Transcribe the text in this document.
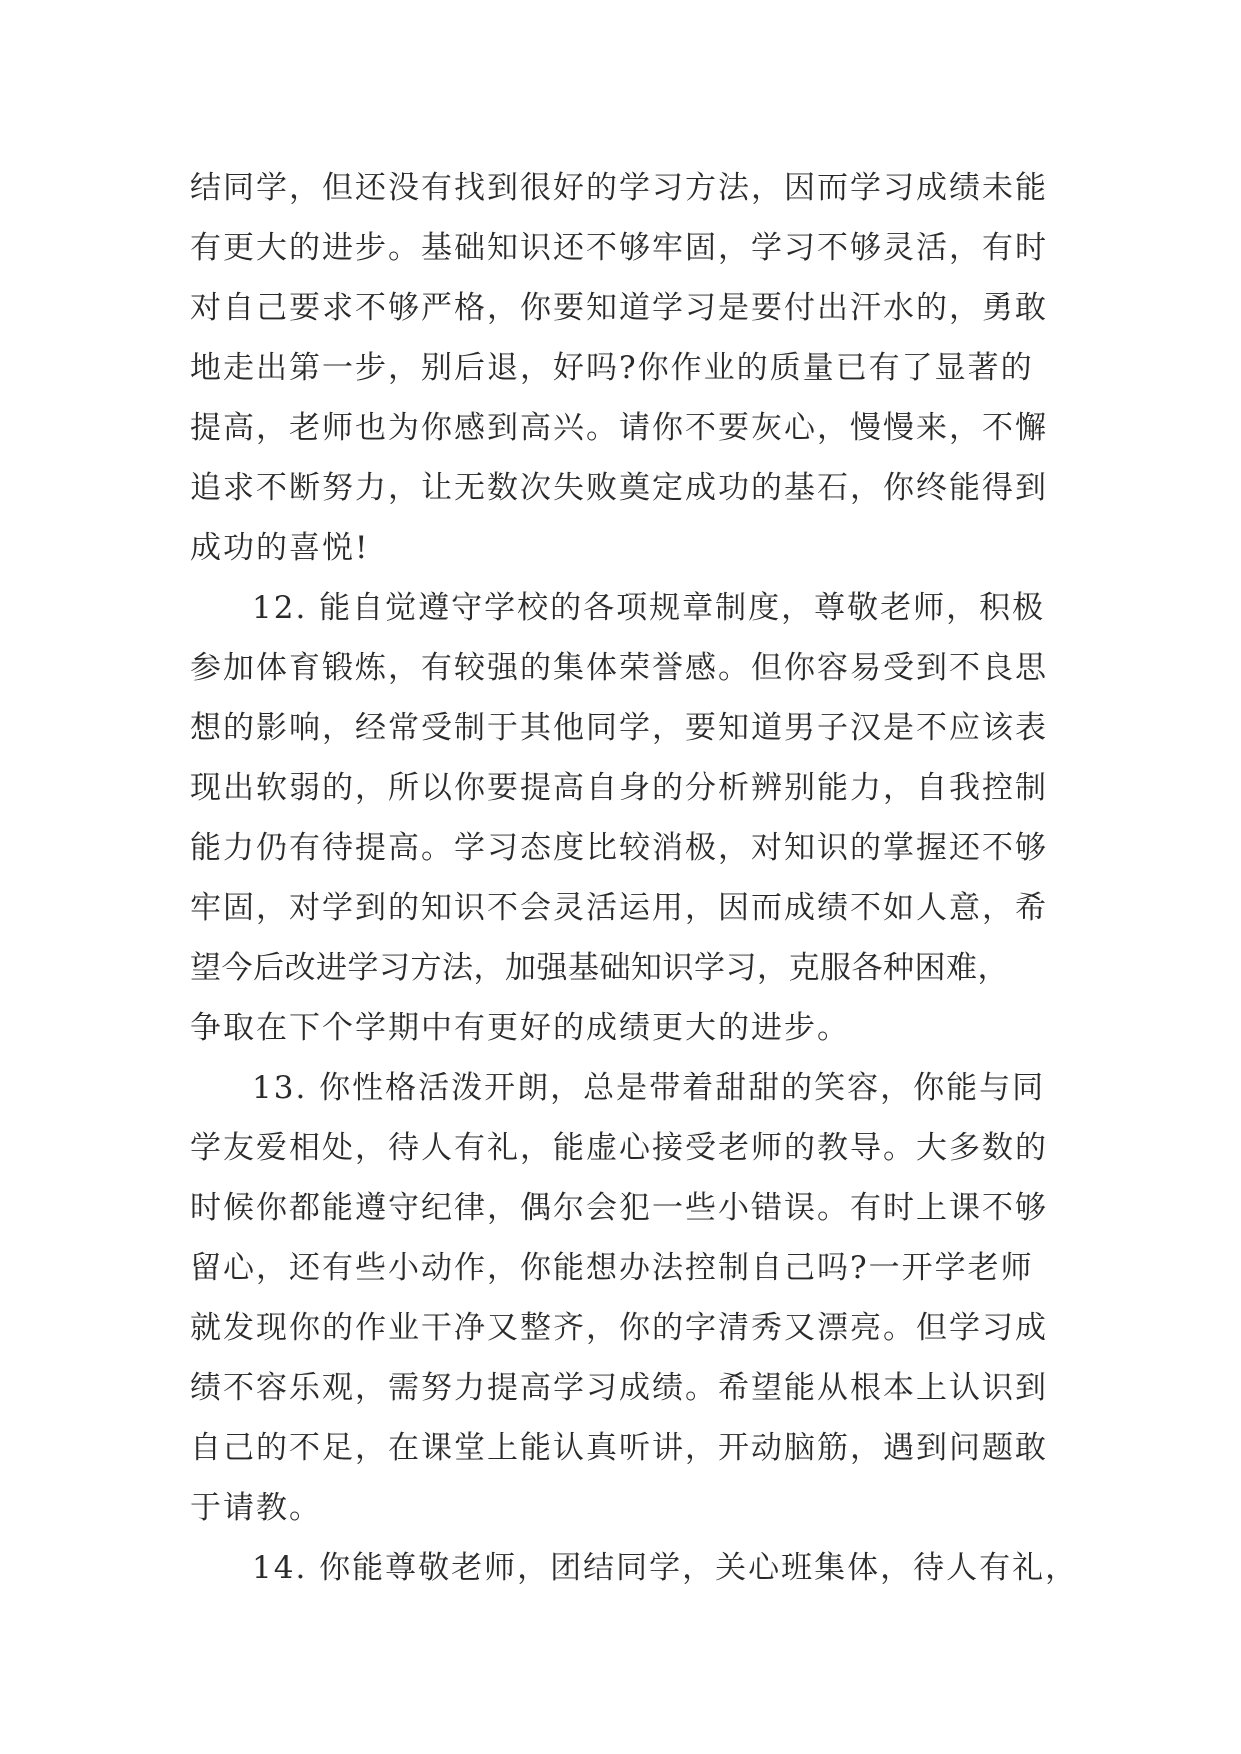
结同学，但还没有找到很好的学习方法，因而学习成绩未能
有更大的进步。基础知识还不够牢固，学习不够灵活，有时
对自己要求不够严格，你要知道学习是要付出汗水的，勇敢
地走出第一步，别后退，好吗?你作业的质量已有了显著的
提高，老师也为你感到高兴。请你不要灰心，慢慢来，不懈
追求不断努力，让无数次失败奠定成功的基石，你终能得到
成功的喜悦!
12. 能自觉遵守学校的各项规章制度，尊敬老师，积极
参加体育锻炼，有较强的集体荣誉感。但你容易受到不良思
想的影响，经常受制于其他同学，要知道男子汉是不应该表
现出软弱的，所以你要提高自身的分析辨别能力，自我控制
能力仍有待提高。学习态度比较消极，对知识的掌握还不够
牢固，对学到的知识不会灵活运用，因而成绩不如人意，希
望今后改进学习方法，加强基础知识学习，克服各种困难，
争取在下个学期中有更好的成绩更大的进步。
13. 你性格活泼开朗，总是带着甜甜的笑容，你能与同
学友爱相处，待人有礼，能虚心接受老师的教导。大多数的
时候你都能遵守纪律，偶尔会犯一些小错误。有时上课不够
留心，还有些小动作，你能想办法控制自己吗?一开学老师
就发现你的作业干净又整齐，你的字清秀又漂亮。但学习成
绩不容乐观，需努力提高学习成绩。希望能从根本上认识到
自己的不足，在课堂上能认真听讲，开动脑筋，遇到问题敢
于请教。
14. 你能尊敬老师，团结同学，关心班集体，待人有礼，
